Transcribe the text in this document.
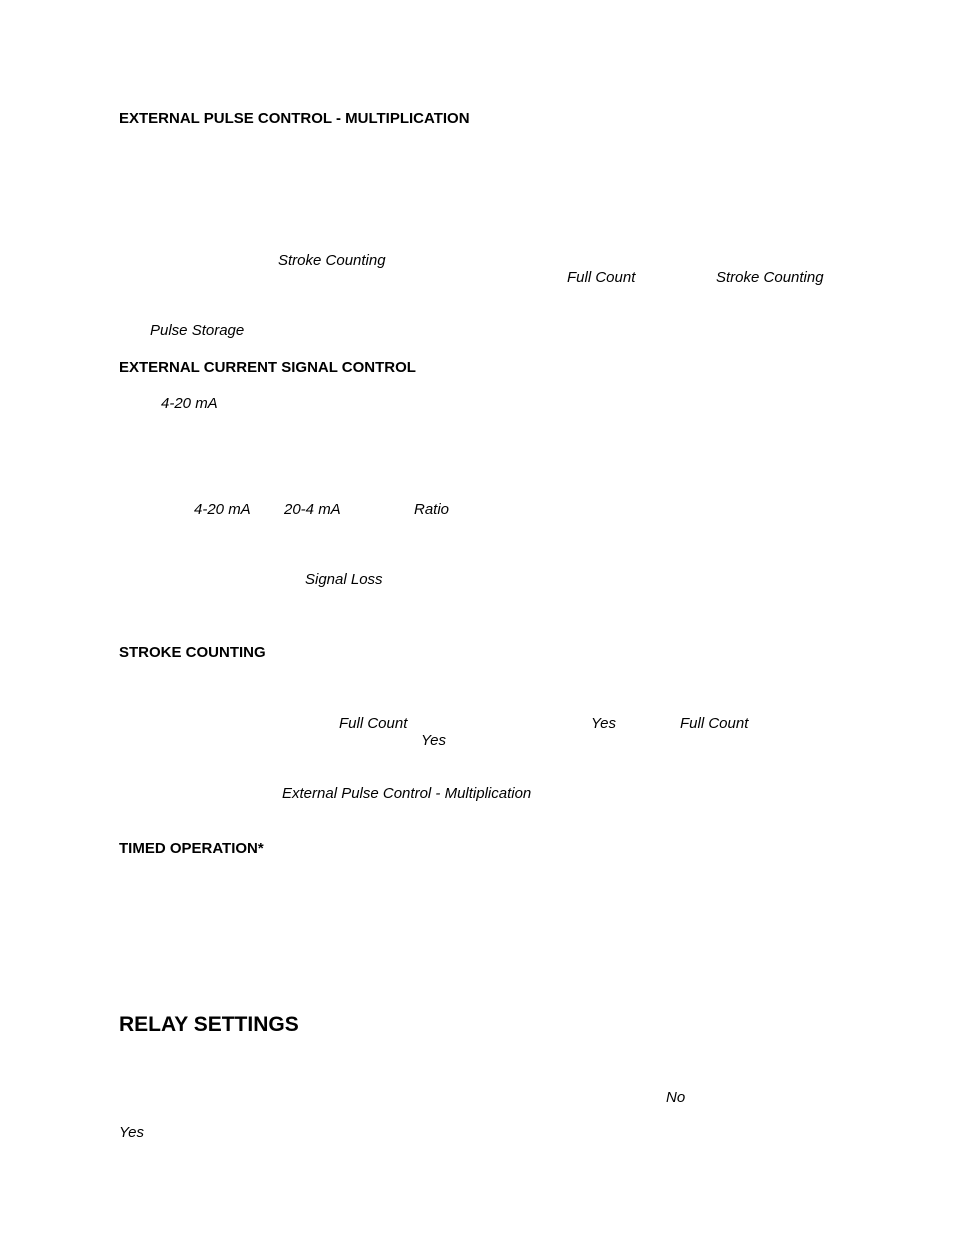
EXTERNAL PULSE CONTROL - MULTIPLICATION
Stroke Counting
Full Count	Stroke Counting
Pulse Storage
EXTERNAL CURRENT SIGNAL CONTROL
4-20 mA
4-20 mA 20-4 mA	Ratio
Signal Loss
STROKE COUNTING
Full Count	Yes	Full Count
Yes
External Pulse Control - Multiplication
TIMED OPERATION*
RELAY SETTINGS
No
Yes
